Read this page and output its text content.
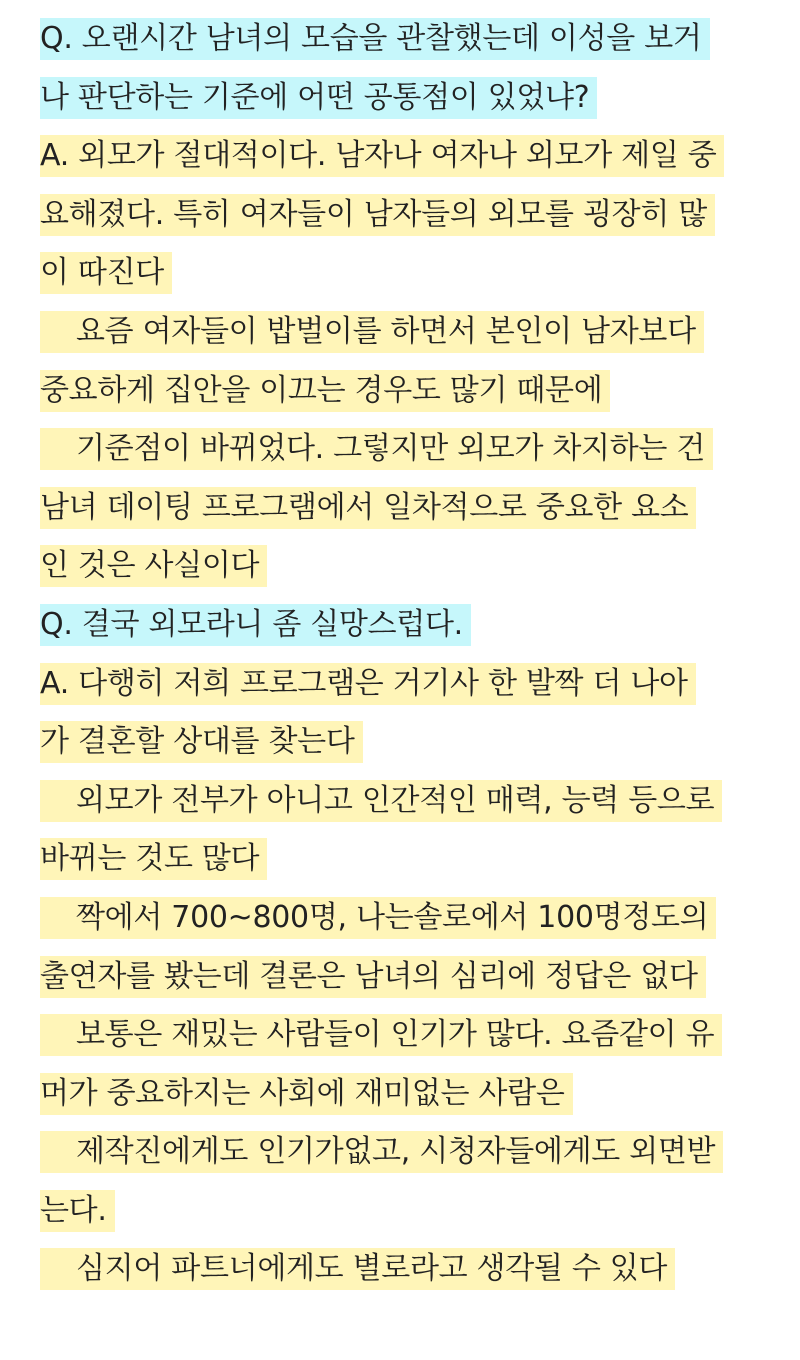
Q. 오랜시간 남녀의 모습을 관찰했는데 이성을 보거
나 판단하는 기준에 어떤 공통점이 있었냐?
A. 외모가 절대적이다. 남자나 여자나 외모가 제일 중
요해졌다. 특히 여자들이 남자들의 외모를 굉장히 많
이 따진다
요즘 여자들이 밥벌이를 하면서 본인이 남자보다
중요하게 집안을 이끄는 경우도 많기 때문에
기준점이 바뀌었다. 그렇지만 외모가 차지하는 건
남녀 데이팅 프로그램에서 일차적으로 중요한 요소
인 것은 사실이다
Q. 결국 외모라니 좀 실망스럽다.
A. 다행히 저희 프로그램은 거기사 한 발짝 더 나아
가 결혼할 상대를 찾는다
외모가 전부가 아니고 인간적인 매력, 능력 등으로
바뀌는 것도 많다
짝에서 700~800명, 나는솔로에서 100명정도의
출연자를 봤는데 결론은 남녀의 심리에 정답은 없다
보통은 재밌는 사람들이 인기가 많다. 요즘같이 유
머가 중요하지는 사회에 재미없는 사람은
제작진에게도 인기가없고, 시청자들에게도 외면받
는다.
심지어 파트너에게도 별로라고 생각될 수 있다
